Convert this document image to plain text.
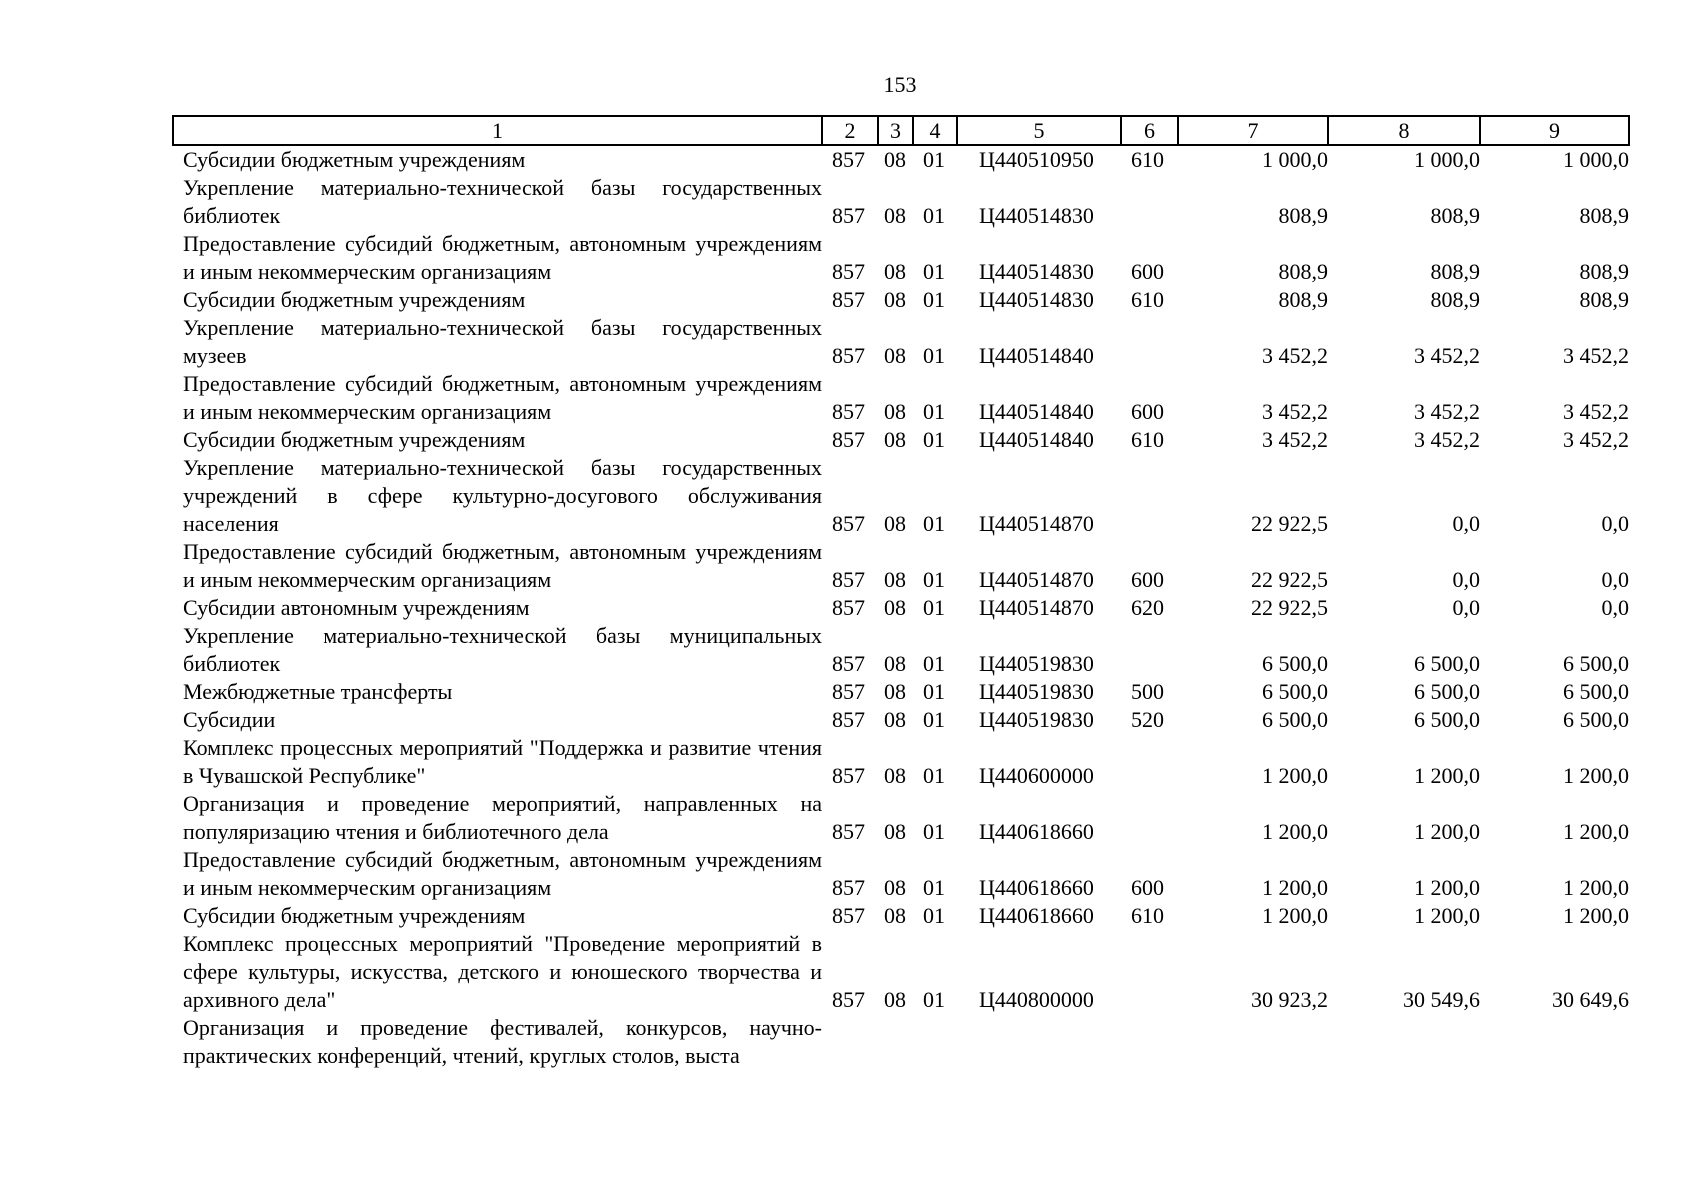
153
1	2	3	4	5	6	7	8	9
Субсидии бюджетным учреждениям	857	08	01	Ц440510950	610	1 000,0	1 000,0	1 000,0
Укрепление материально-технической базы государственных библиотек	857	08	01	Ц440514830		808,9	808,9	808,9
Предоставление субсидий бюджетным, автономным учреждениям и иным некоммерческим организациям	857	08	01	Ц440514830	600	808,9	808,9	808,9
Субсидии бюджетным учреждениям	857	08	01	Ц440514830	610	808,9	808,9	808,9
Укрепление материально-технической базы государственных музеев	857	08	01	Ц440514840		3 452,2	3 452,2	3 452,2
Предоставление субсидий бюджетным, автономным учреждениям и иным некоммерческим организациям	857	08	01	Ц440514840	600	3 452,2	3 452,2	3 452,2
Субсидии бюджетным учреждениям	857	08	01	Ц440514840	610	3 452,2	3 452,2	3 452,2
Укрепление материально-технической базы государственных учреждений в сфере культурно-досугового обслуживания населения	857	08	01	Ц440514870		22 922,5	0,0	0,0
Предоставление субсидий бюджетным, автономным учреждениям и иным некоммерческим организациям	857	08	01	Ц440514870	600	22 922,5	0,0	0,0
Субсидии автономным учреждениям	857	08	01	Ц440514870	620	22 922,5	0,0	0,0
Укрепление материально-технической базы муниципальных библиотек	857	08	01	Ц440519830		6 500,0	6 500,0	6 500,0
Межбюджетные трансферты	857	08	01	Ц440519830	500	6 500,0	6 500,0	6 500,0
Субсидии	857	08	01	Ц440519830	520	6 500,0	6 500,0	6 500,0
Комплекс процессных мероприятий "Поддержка и развитие чтения в Чувашской Республике"	857	08	01	Ц440600000		1 200,0	1 200,0	1 200,0
Организация и проведение мероприятий, направленных на популяризацию чтения и библиотечного дела	857	08	01	Ц440618660		1 200,0	1 200,0	1 200,0
Предоставление субсидий бюджетным, автономным учреждениям и иным некоммерческим организациям	857	08	01	Ц440618660	600	1 200,0	1 200,0	1 200,0
Субсидии бюджетным учреждениям	857	08	01	Ц440618660	610	1 200,0	1 200,0	1 200,0
Комплекс процессных мероприятий "Проведение мероприятий в сфере культуры, искусства, детского и юношеского творчества и архивного дела"	857	08	01	Ц440800000		30 923,2	30 549,6	30 649,6
Организация и проведение фестивалей, конкурсов, научно-практических конференций, чтений, круглых столов, выста								
